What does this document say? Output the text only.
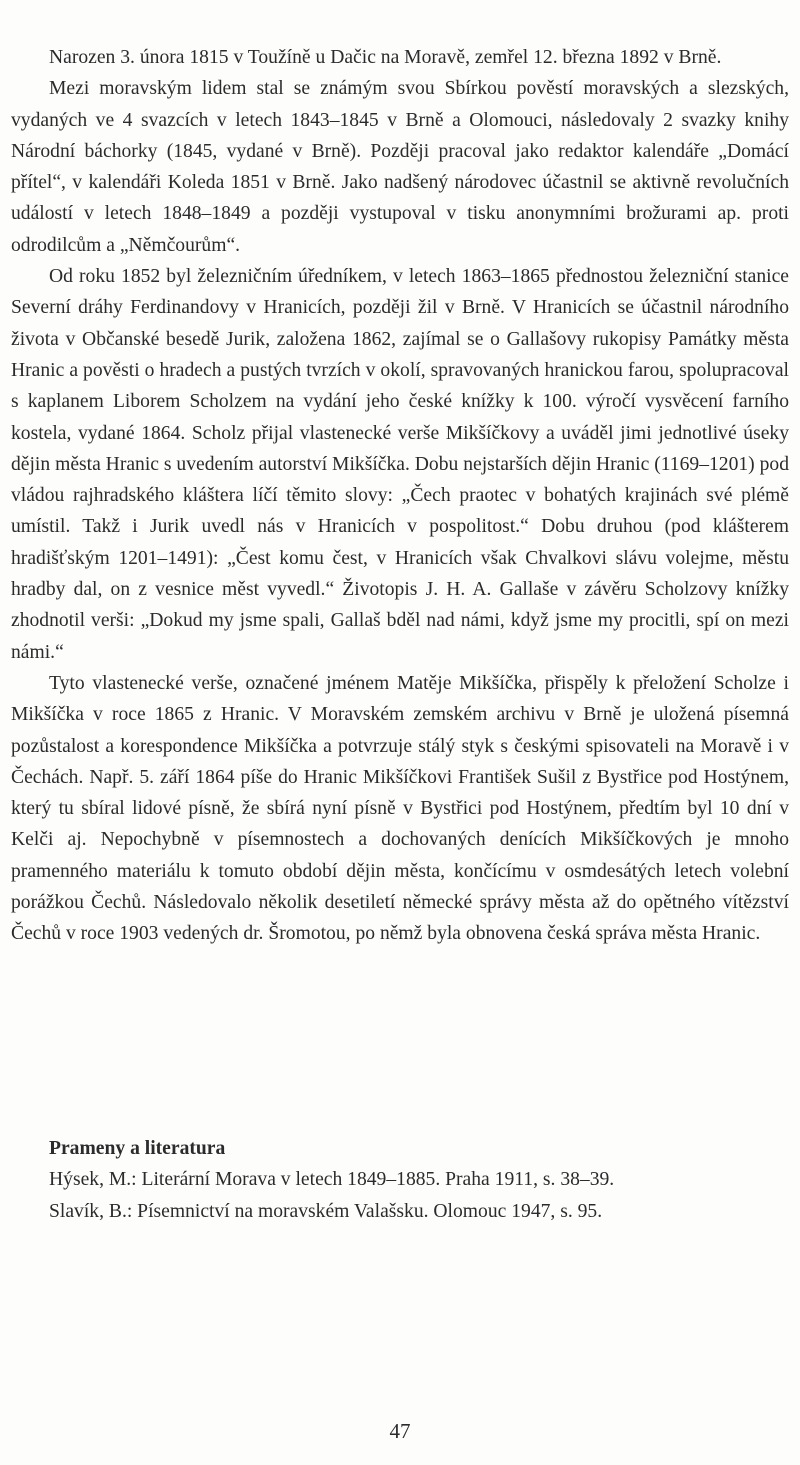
Narozen 3. února 1815 v Toužíně u Dačic na Moravě, zemřel 12. března 1892 v Brně.

Mezi moravským lidem stal se známým svou Sbírkou pověstí moravských a slezských, vydaných ve 4 svazcích v letech 1843–1845 v Brně a Olomouci, následovaly 2 svazky knihy Národní báchorky (1845, vydané v Brně). Později pracoval jako redaktor kalendáře „Domácí přítel“, v kalendáři Koleda 1851 v Brně. Jako nadšený národovec účastnil se aktivně revolučních událostí v letech 1848–1849 a později vystupoval v tisku anonymními brožurami ap. proti odrodilcům a „Němčourům“.

Od roku 1852 byl železničním úředníkem, v letech 1863–1865 přednostou železniční stanice Severní dráhy Ferdinandovy v Hranicích, později žil v Brně. V Hranicích se účastnil národního života v Občanské besedě Jurik, založena 1862, zajímal se o Gallašovy rukopisy Památky města Hranic a pověsti o hradech a pustých tvrzích v okolí, spravovaných hranickou farou, spolupracoval s kaplanem Liborem Scholzem na vydání jeho české knížky k 100. výročí vysvěcení farního kostela, vydané 1864. Scholz přijal vlastenecké verše Mikšíčkovy a uváděl jimi jednotlivé úseky dějin města Hranic s uvedením autorství Mikšíčka. Dobu nejstarších dějin Hranic (1169–1201) pod vládou rajhradského kláštera líčí těmito slovy: „Čech praotec v bohatých krajinách své plémě umístil. Takž i Jurik uvedl nás v Hranicích v pospolitost.“ Dobu druhou (pod klášterem hradišťským 1201–1491): „Čest komu čest, v Hranicích však Chvalkovi slávu volejme, městu hradby dal, on z vesnice měst vyvedl.“ Životopis J. H. A. Gallaše v závěru Scholzovy knížky zhodnotil verši: „Dokud my jsme spali, Gallaš bděl nad námi, když jsme my procitli, spí on mezi námi.“

Tyto vlastenecké verše, označené jménem Matěje Mikšíčka, přispěly k přeložení Scholze i Mikšíčka v roce 1865 z Hranic. V Moravském zemském archivu v Brně je uložená písemná pozůstalost a korespondence Mikšíčka a potvrzuje stálý styk s českými spisovateli na Moravě i v Čechách. Např. 5. září 1864 píše do Hranic Mikšíčkovi František Sušil z Bystřice pod Hostýnem, který tu sbíral lidové písně, že sbírá nyní písně v Bystřici pod Hostýnem, předtím byl 10 dní v Kelči aj. Nepochybně v písemnostech a dochovaných denících Mikšíčkových je mnoho pramenného materiálu k tomuto období dějin města, končícímu v osmdesátých letech volební porážkou Čechů. Následovalo několik desetiletí německé správy města až do opětného vítězství Čechů v roce 1903 vedených dr. Šromotou, po němž byla obnovena česká správa města Hranic.

Prameny a literatura
Hýsek, M.: Literární Morava v letech 1849–1885. Praha 1911, s. 38–39.
Slavík, B.: Písemnictví na moravském Valašsku. Olomouc 1947, s. 95.
47
